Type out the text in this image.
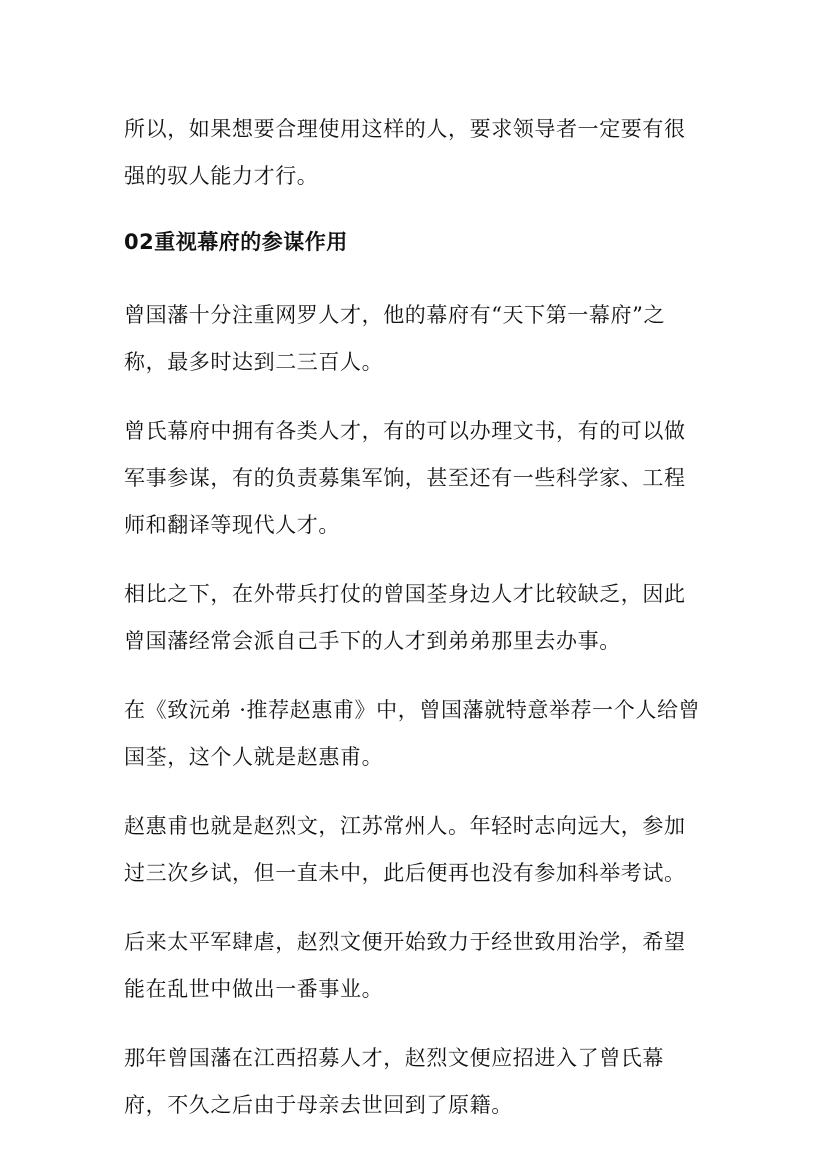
所以，如果想要合理使用这样的人，要求领导者一定要有很强的驭人能力才行。

02重视幕府的参谋作用

曾国藩十分注重网罗人才，他的幕府有“天下第一幕府”之称，最多时达到二三百人。

曾氏幕府中拥有各类人才，有的可以办理文书，有的可以做军事参谋，有的负责募集军饷，甚至还有一些科学家、工程师和翻译等现代人才。

相比之下，在外带兵打仗的曾国荃身边人才比较缺乏，因此曾国藩经常会派自己手下的人才到弟弟那里去办事。

在《致沅弟 ·推荐赵惠甫》中，曾国藩就特意举荐一个人给曾国荃，这个人就是赵惠甫。

赵惠甫也就是赵烈文，江苏常州人。年轻时志向远大，参加过三次乡试，但一直未中，此后便再也没有参加科举考试。

后来太平军肆虐，赵烈文便开始致力于经世致用治学，希望能在乱世中做出一番事业。

那年曾国藩在江西招募人才，赵烈文便应招进入了曾氏幕府，不久之后由于母亲去世回到了原籍。
